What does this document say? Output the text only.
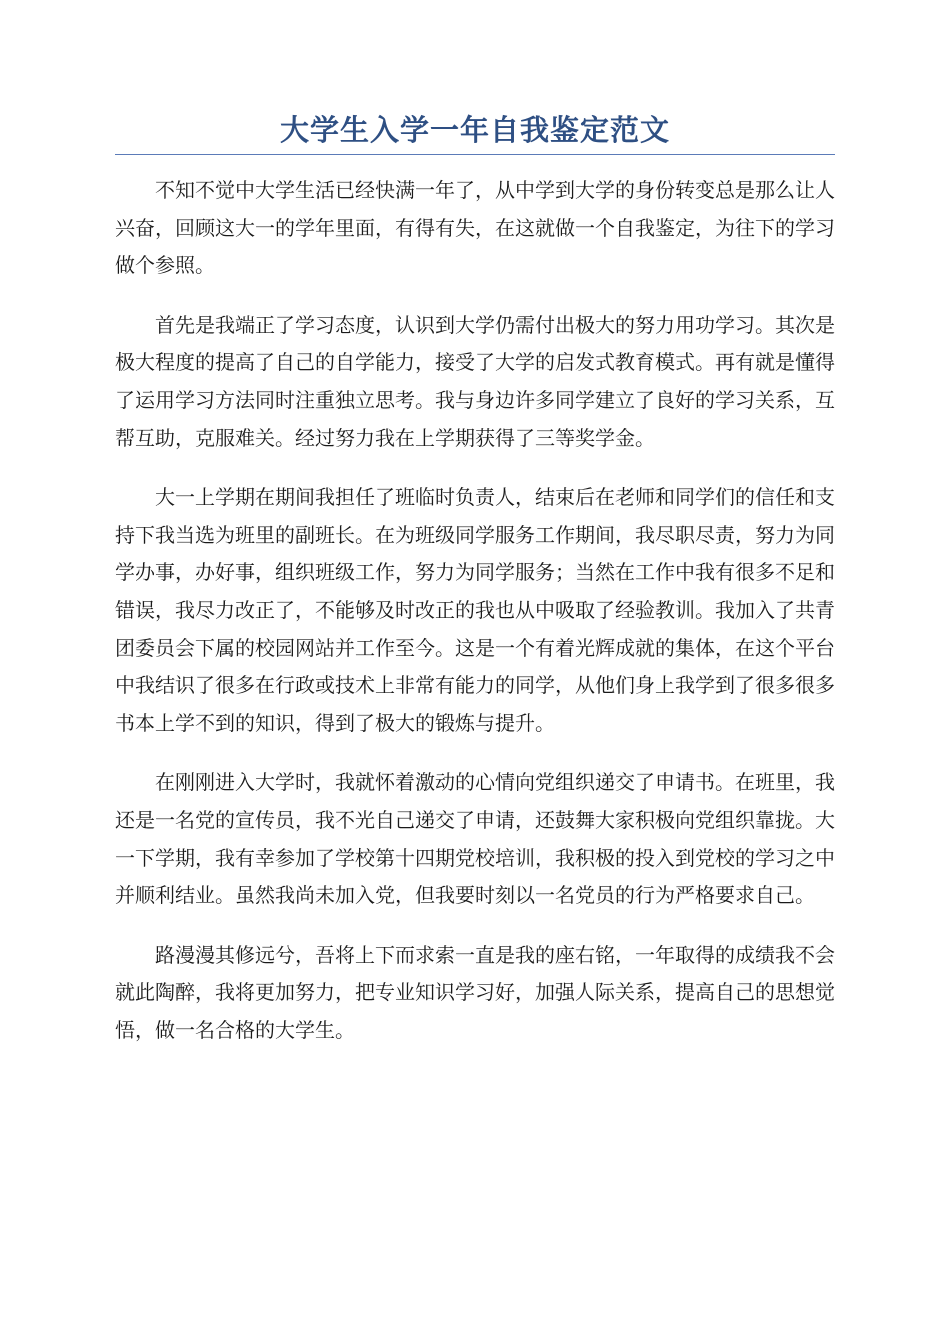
大学生入学一年自我鉴定范文

不知不觉中大学生活已经快满一年了，从中学到大学的身份转变总是那么让人兴奋，回顾这大一的学年里面，有得有失，在这就做一个自我鉴定，为往下的学习做个参照。

首先是我端正了学习态度，认识到大学仍需付出极大的努力用功学习。其次是极大程度的提高了自己的自学能力，接受了大学的启发式教育模式。再有就是懂得了运用学习方法同时注重独立思考。我与身边许多同学建立了良好的学习关系，互帮互助，克服难关。经过努力我在上学期获得了三等奖学金。

大一上学期在期间我担任了班临时负责人，结束后在老师和同学们的信任和支持下我当选为班里的副班长。在为班级同学服务工作期间，我尽职尽责，努力为同学办事，办好事，组织班级工作，努力为同学服务；当然在工作中我有很多不足和错误，我尽力改正了，不能够及时改正的我也从中吸取了经验教训。我加入了共青团委员会下属的校园网站并工作至今。这是一个有着光辉成就的集体，在这个平台中我结识了很多在行政或技术上非常有能力的同学，从他们身上我学到了很多很多书本上学不到的知识，得到了极大的锻炼与提升。

在刚刚进入大学时，我就怀着激动的心情向党组织递交了申请书。在班里，我还是一名党的宣传员，我不光自己递交了申请，还鼓舞大家积极向党组织靠拢。大一下学期，我有幸参加了学校第十四期党校培训，我积极的投入到党校的学习之中并顺利结业。虽然我尚未加入党，但我要时刻以一名党员的行为严格要求自己。

路漫漫其修远兮，吾将上下而求索一直是我的座右铭，一年取得的成绩我不会就此陶醉，我将更加努力，把专业知识学习好，加强人际关系，提高自己的思想觉悟，做一名合格的大学生。
